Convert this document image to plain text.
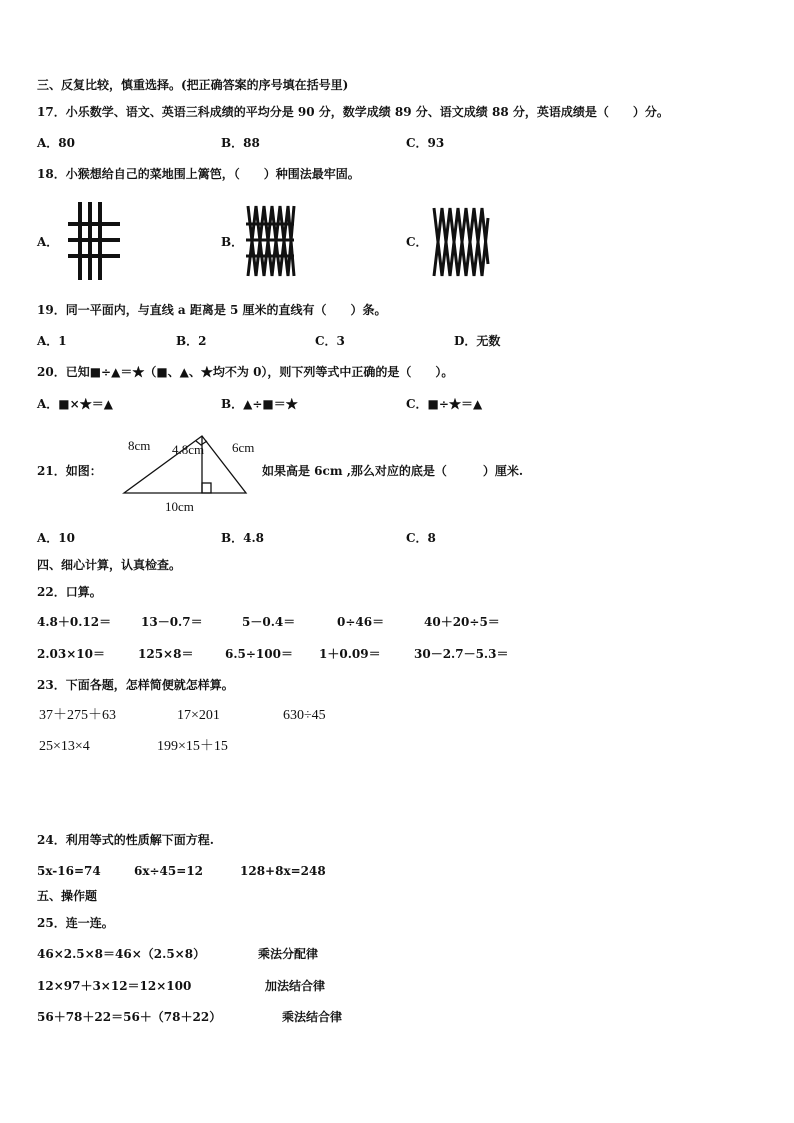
三、反复比较，慎重选择。(把正确答案的序号填在括号里)
17．小乐数学、语文、英语三科成绩的平均分是 90 分，数学成绩 89 分、语文成绩 88 分，英语成绩是（　　）分。
A．80	B．88	C．93
18．小猴想给自己的菜地围上篱笆，（　　）种围法最牢固。
A．	B．	C．
19．同一平面内，与直线 a 距离是 5 厘米的直线有（　　）条。
A．1	B．2	C．3	D．无数
20．已知■÷▲＝★（■、▲、★均不为 0），则下列等式中正确的是（　　）。
A．■×★＝▲	B．▲÷■＝★	C．■÷★＝▲
21．如图：
8cm 4.8cm 6cm
10cm
如果高是 6cm ,那么对应的底是（　　　）厘米.
A．10	B．4.8	C．8
四、细心计算，认真检查。
22．口算。
4.8＋0.12＝ 13－0.7＝	5－0.4＝	0÷46＝	40＋20÷5＝
2.03×10＝	125×8＝	6.5÷100＝ 1＋0.09＝	30－2.7－5.3＝
23．下面各题，怎样简便就怎样算。
37＋275＋63	17×201	630÷45
25×13×4	199×15＋15
24．利用等式的性质解下面方程.
5x-16=74	6x÷45=12	128+8x=248
五、操作题
25．连一连。
46×2.5×8＝46×（2.5×8）
12×97＋3×12＝12×100
56＋78＋22＝56＋（78＋22）
乘法分配律
加法结合律
乘法结合律
